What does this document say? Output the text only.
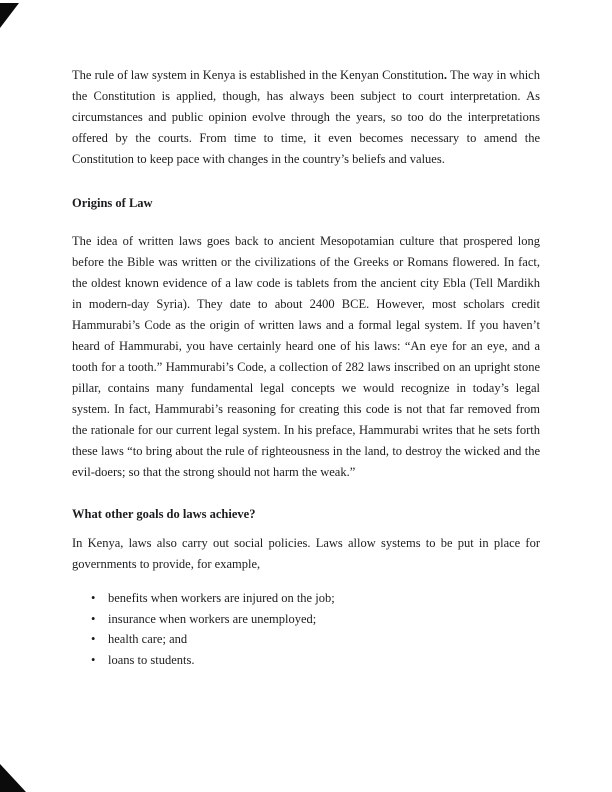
The rule of law system in Kenya is established in the Kenyan Constitution. The way in which the Constitution is applied, though, has always been subject to court interpretation. As circumstances and public opinion evolve through the years, so too do the interpretations offered by the courts. From time to time, it even becomes necessary to amend the Constitution to keep pace with changes in the country’s beliefs and values.

Origins of Law

The idea of written laws goes back to ancient Mesopotamian culture that prospered long before the Bible was written or the civilizations of the Greeks or Romans flowered. In fact, the oldest known evidence of a law code is tablets from the ancient city Ebla (Tell Mardikh in modern-day Syria). They date to about 2400 BCE. However, most scholars credit Hammurabi’s Code as the origin of written laws and a formal legal system. If you haven’t heard of Hammurabi, you have certainly heard one of his laws: “An eye for an eye, and a tooth for a tooth.” Hammurabi’s Code, a collection of 282 laws inscribed on an upright stone pillar, contains many fundamental legal concepts we would recognize in today’s legal system. In fact, Hammurabi’s reasoning for creating this code is not that far removed from the rationale for our current legal system. In his preface, Hammurabi writes that he sets forth these laws “to bring about the rule of righteousness in the land, to destroy the wicked and the evil-doers; so that the strong should not harm the weak.”

What other goals do laws achieve?

In Kenya, laws also carry out social policies. Laws allow systems to be put in place for governments to provide, for example,

• benefits when workers are injured on the job;
• insurance when workers are unemployed;
• health care; and
• loans to students.
